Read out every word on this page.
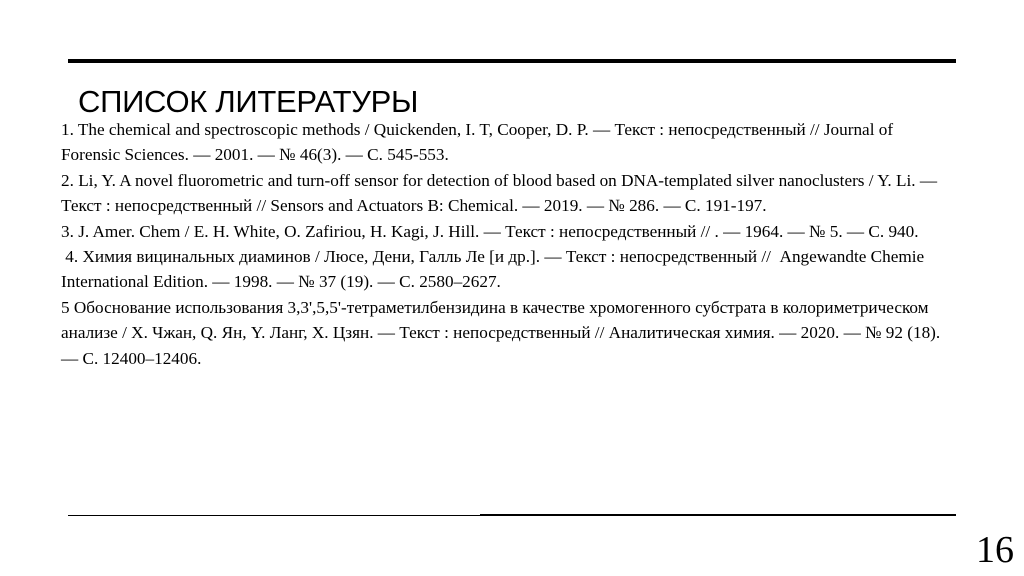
СПИСОК ЛИТЕРАТУРЫ

1. The chemical and spectroscopic methods / Quickenden, I. T, Cooper, D. P. — Текст : непосредственный // Journal of Forensic Sciences. — 2001. — № 46(3). — С. 545-553.

2. Li, Y. A novel fluorometric and turn-off sensor for detection of blood based on DNA-templated silver nanoclusters / Y. Li. — Текст : непосредственный // Sensors and Actuators B: Chemical. — 2019. — № 286. — С. 191-197.

3. J. Amer. Chem / E. H. White, O. Zafiriou, H. Kagi, J. Hill. — Текст : непосредственный // . — 1964. — № 5. — С. 940.

4. Химия вицинальных диаминов / Люсе, Дени, Галль Ле [и др.]. — Текст : непосредственный //  Angewandte Chemie International Edition. — 1998. — № 37 (19). — С. 2580–2627.

5 Обоснование использования 3,3',5,5'-тетраметилбензидина в качестве хромогенного субстрата в колориметрическом анализе / X. Чжан, Q. Ян, Y. Ланг, X. Цзян. — Текст : непосредственный // Аналитическая химия. — 2020. — № 92 (18). — С. 12400–12406.

16
